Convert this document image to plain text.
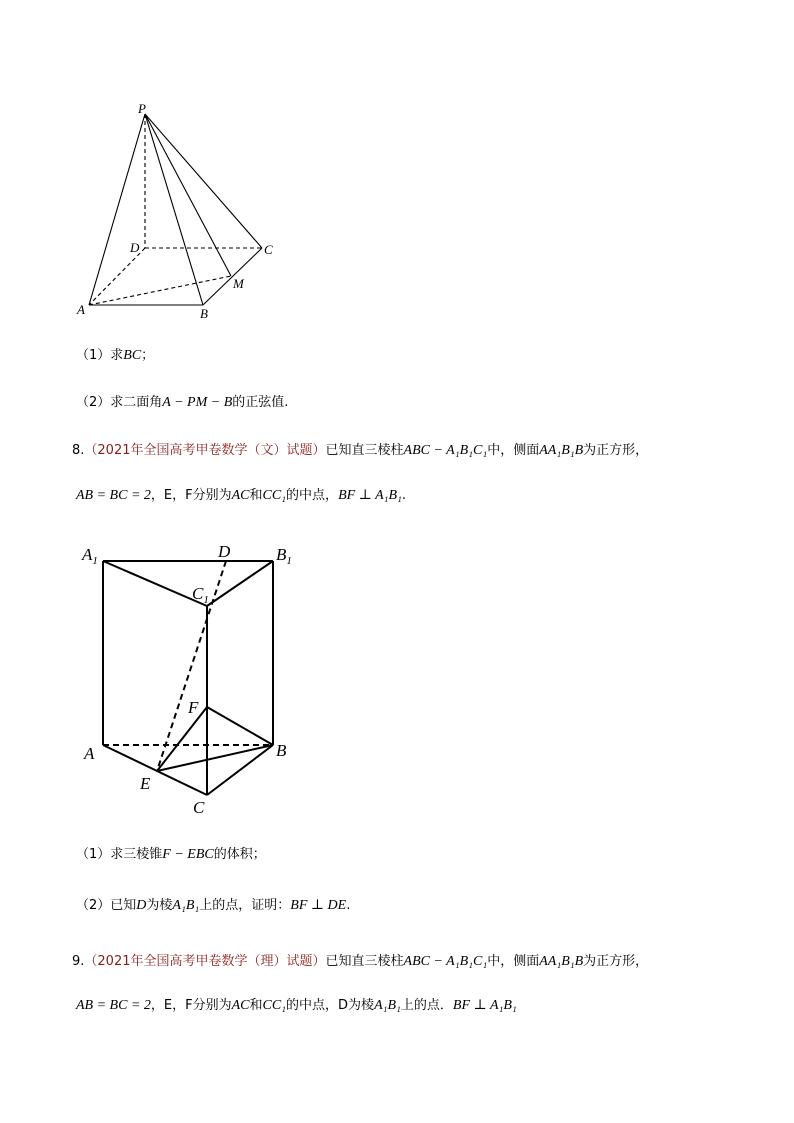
P
D	C
M
A	B
$A_1$	D	$B_1$
$C_1$
F
A	B
E
C
（1）求BC；
（2）求二面角A − PM − B的正弦值.
8.（2021年全国高考甲卷数学（文）试题）已知直三棱柱ABC − A₁B₁C₁中，侧面AA₁B₁B为正方形，
AB = BC = 2，E，F分别为AC和CC₁的中点，BF ⊥ A₁B₁.
（1）求三棱锥F − EBC的体积；
（2）已知D为棱A₁B₁上的点，证明：BF ⊥ DE.
9.（2021年全国高考甲卷数学（理）试题）已知直三棱柱ABC − A₁B₁C₁中，侧面AA₁B₁B为正方形，
AB = BC = 2，E，F分别为AC和CC₁的中点，D为棱A₁B₁上的点．BF ⊥ A₁B₁
